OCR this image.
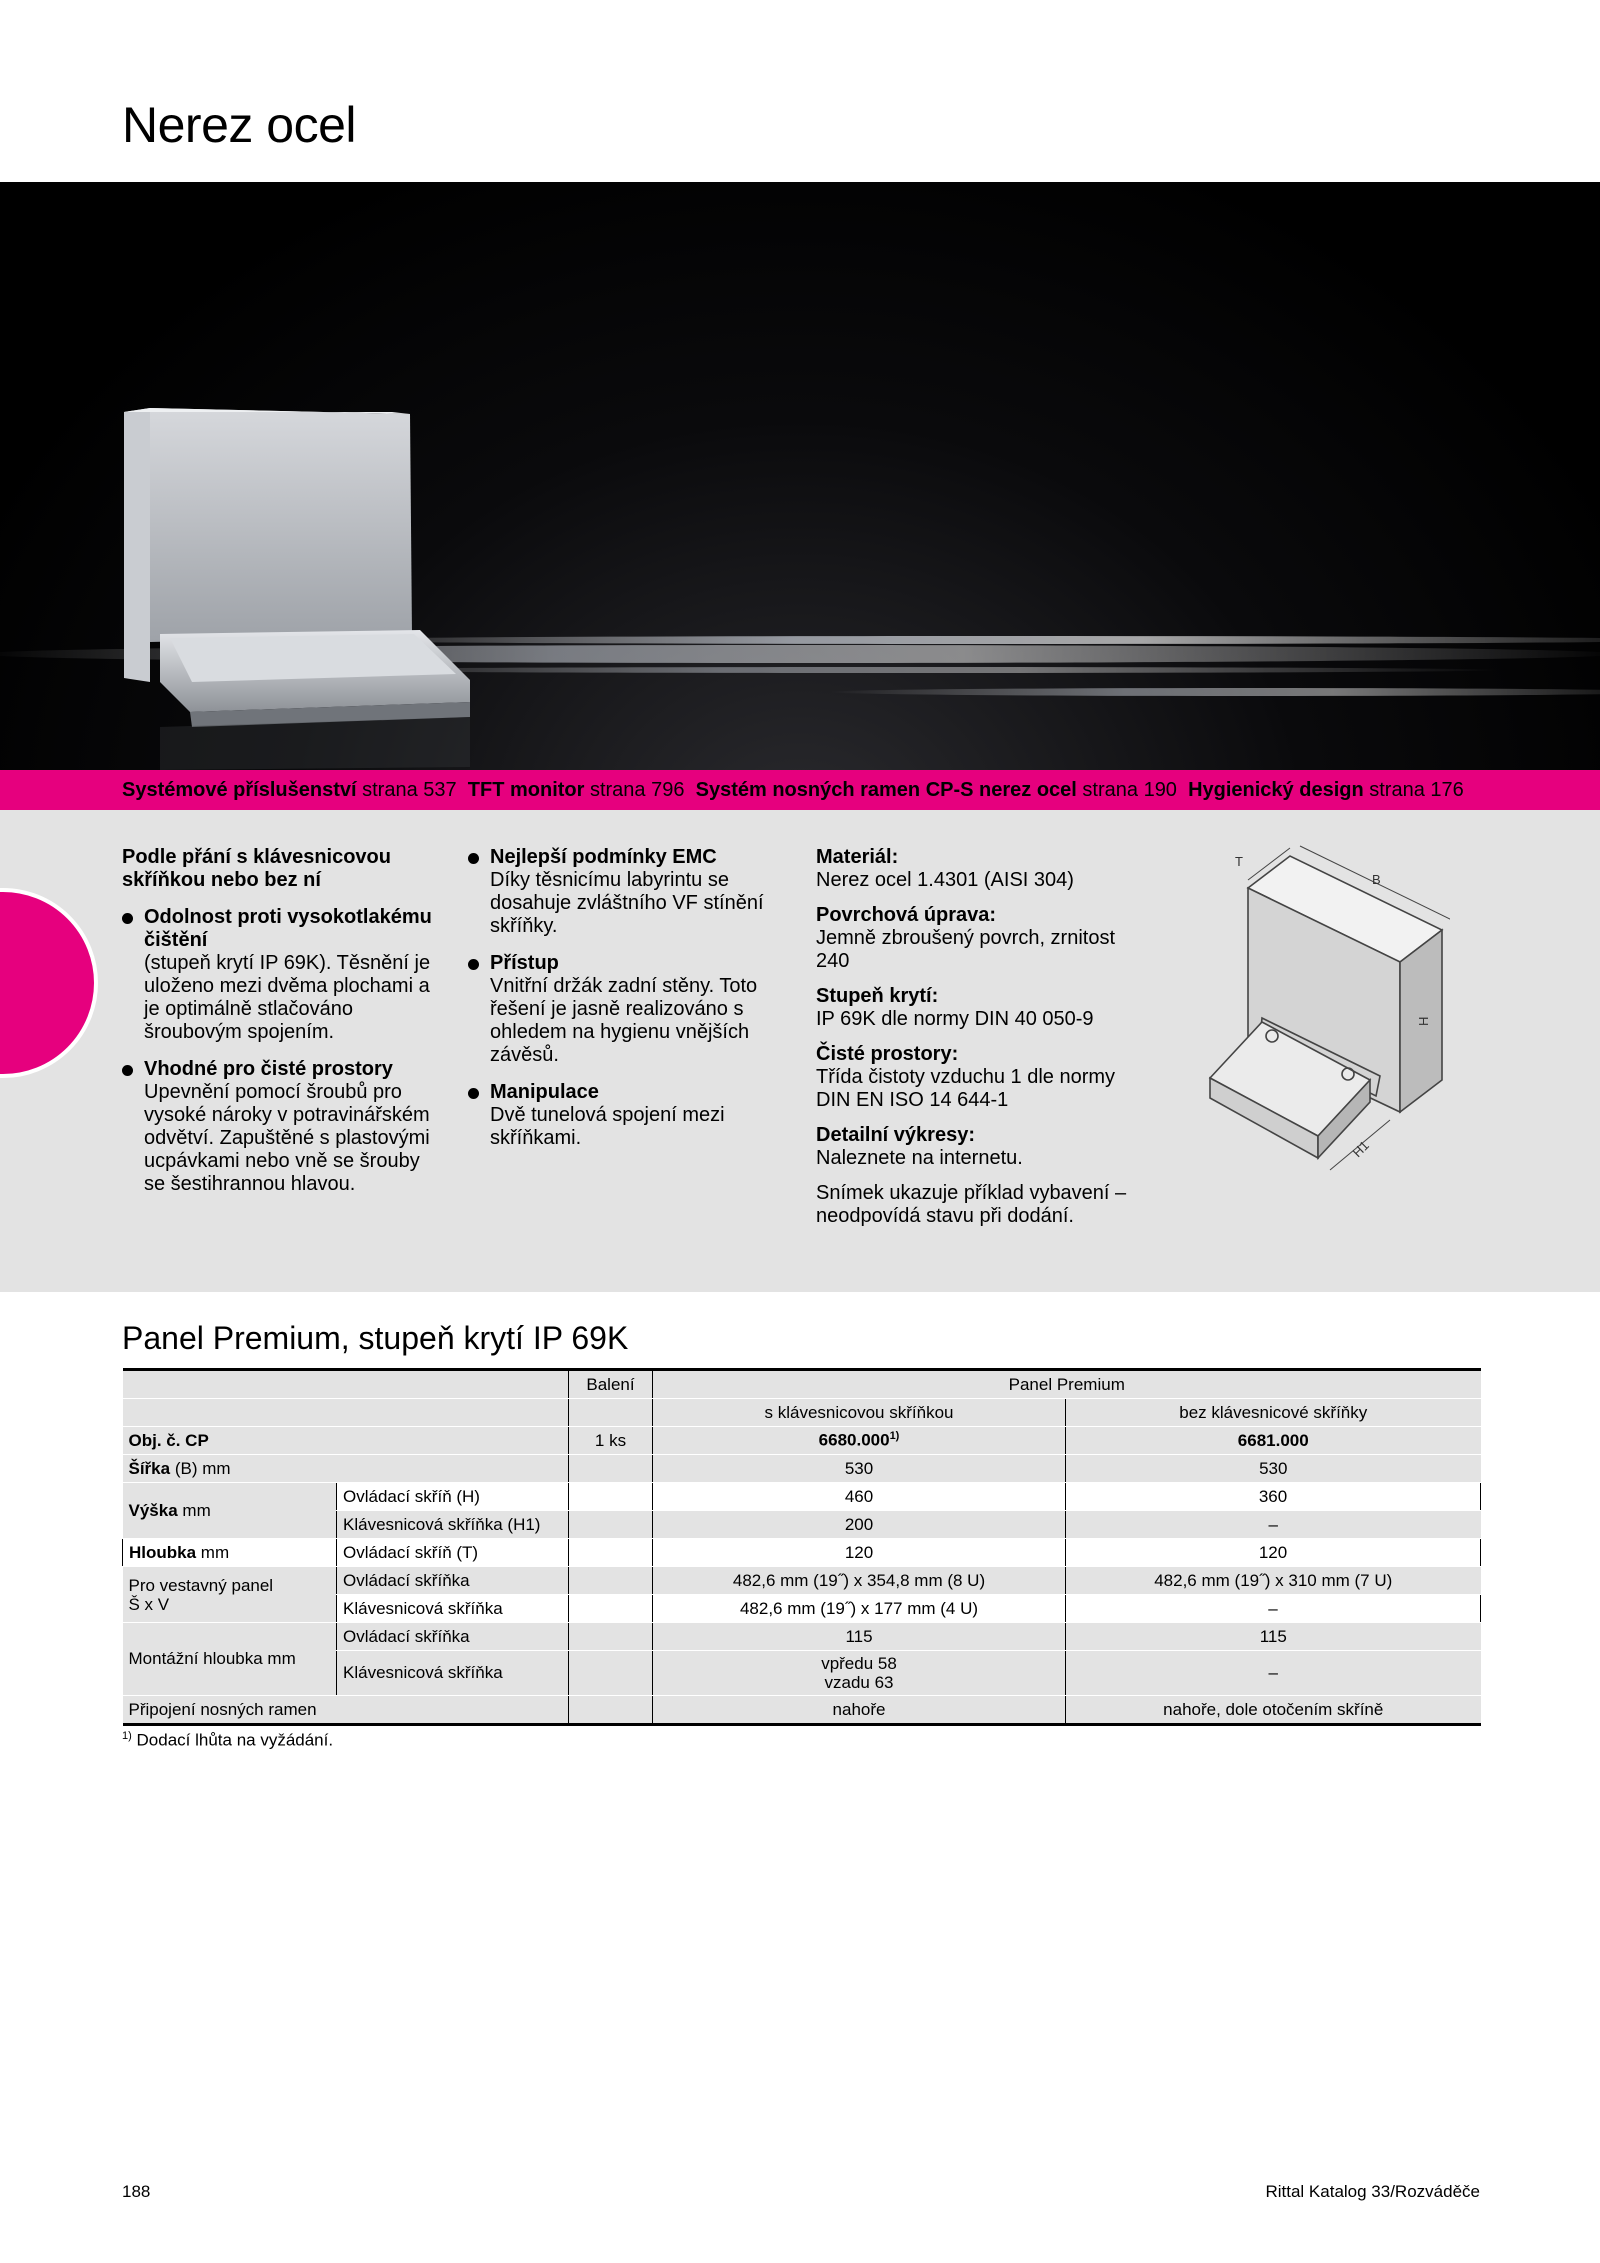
Nerez ocel
Systémové příslušenství strana 537 TFT monitor strana 796 Systém nosných ramen CP-S nerez ocel strana 190 Hygienický design strana 176
Podle přání s klávesnicovou skříňkou nebo bez ní
Odolnost proti vysokotlakému čištění
(stupeň krytí IP 69K). Těsnění je uloženo mezi dvěma plochami a je optimálně stlačováno šroubovým spojením.
Vhodné pro čisté prostory
Upevnění pomocí šroubů pro vysoké nároky v potravinářském odvětví. Zapuštěné s plastovými ucpávkami nebo vně se šrouby se šestihrannou hlavou.
Nejlepší podmínky EMC
Díky těsnicímu labyrintu se dosahuje zvláštního VF stínění skříňky.
Přístup
Vnitřní držák zadní stěny. Toto řešení je jasně realizováno s ohledem na hygienu vnějších závěsů.
Manipulace
Dvě tunelová spojení mezi skříňkami.
Materiál:
Nerez ocel 1.4301 (AISI 304)
Povrchová úprava:
Jemně zbroušený povrch, zrnitost 240
Stupeň krytí:
IP 69K dle normy DIN 40 050-9
Čisté prostory:
Třída čistoty vzduchu 1 dle normy DIN EN ISO 14 644-1
Detailní výkresy:
Naleznete na internetu.
Snímek ukazuje příklad vybavení – neodpovídá stavu při dodání.
T
B
H
H1
Panel Premium, stupeň krytí IP 69K
		Balení	Panel Premium	
			s klávesnicovou skříňkou	bez klávesnicové skříňky
Obj. č. CP		1 ks	6680.000$^{1)}$	6681.000
Šířka (B) mm			530	530
Výška mm	Ovládací skříň (H)		460	360
	Klávesnicová skříňka (H1)		200	–
Hloubka mm	Ovládací skříň (T)		120	120
Pro vestavný panel
Š x V	Ovládací skříňka		482,6 mm (19˝) x 354,8 mm (8 U)	482,6 mm (19˝) x 310 mm (7 U)
	Klávesnicová skříňka		482,6 mm (19˝) x 177 mm (4 U)	–
Montážní hloubka mm	Ovládací skříňka		115	115
	Klávesnicová skříňka		vpředu 58
vzadu 63	–
Připojení nosných ramen			nahoře	nahoře, dole otočením skříně
$^{1)}$ Dodací lhůta na vyžádání.
188	Rittal Katalog 33/Rozváděče
